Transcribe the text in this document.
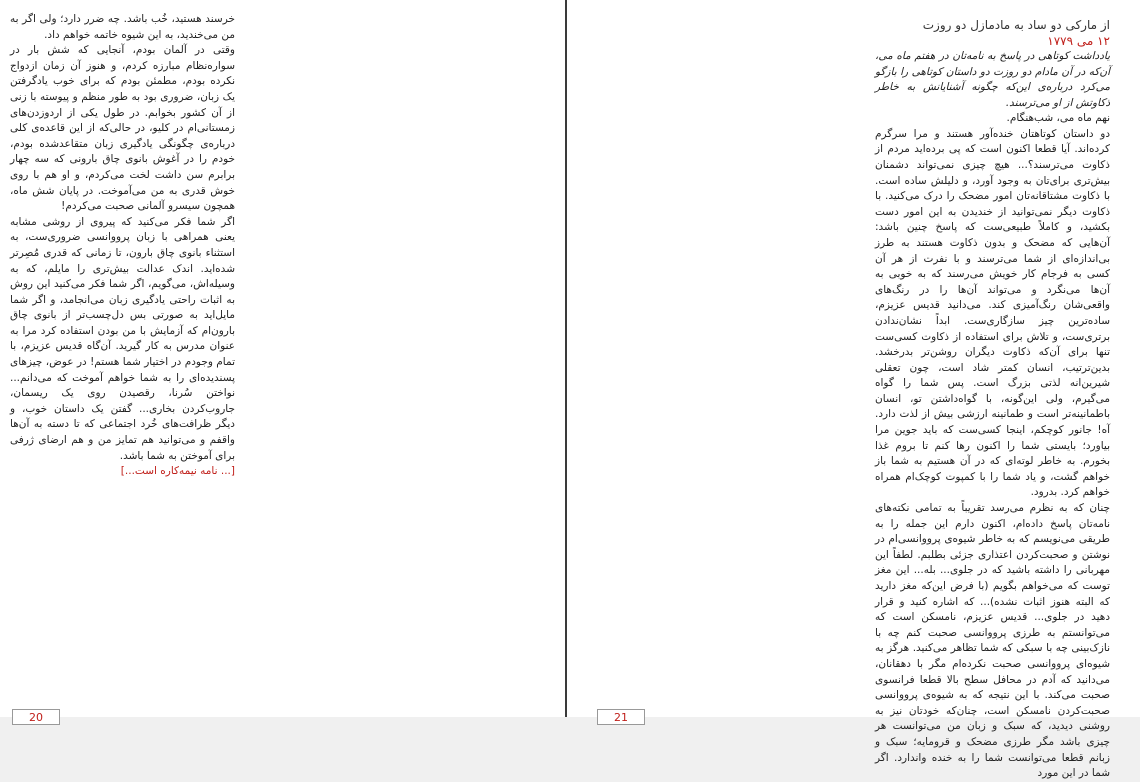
خرسند هستید، خُب باشد. چه ضرر دارد؛ ولی اگر به من می‌خندید، به این شیوه خاتمه خواهم داد.

وقتی در آلمان بودم، آنجایی که شش بار در سواره‌نظام مبارزه کردم، و هنوز آن زمان ازدواج نکرده بودم، مطمئن بودم که برای خوب یادگرفتن یک زبان، ضروری بود به طور منظم و پیوسته با زنی از آن کشور بخوابم. در طول یکی از اردوزدن‌های زمستانی‌ام در کلیو، در حالی‌که از این قاعده‌ی کلی درباره‌ی چگونگی یادگیری زبان متقاعدشده بودم، خودم را در آغوش بانوی چاق بارونی که سه چهار برابرم سن داشت لخت می‌کردم، و او هم با روی خوش قدری به من می‌آموخت. در پایان شش ماه، همچون سیسرو آلمانی صحبت می‌کردم!

اگر شما فکر می‌کنید که پیروی از روشی مشابه یعنی همراهی با زبان پرووانسی ضروری‌ست، به استثناء بانوی چاق بارون، تا زمانی که قدری مُصِرتر شده‌اید. اندک عدالت بیش‌تری را مایلم، که به وسیله‌اش، می‌گویم، اگر شما فکر می‌کنید این روش به اثبات راحتی یادگیری زبان می‌انجامد، و اگر شما مایل‌اید به صورتی بس دل‌چسب‌تر از بانوی چاق بارون‌ام که آزمایش با من بودن استفاده کرد مرا به عنوان مدرس به کار گیرید. آن‌گاه قدیس عزیزم، با تمام وجودم در اختیار شما هستم! در عوض، چیزهای پسندیده‌ای را به شما خواهم آموخت که می‌دانم... نواختن سُرنا، رقصیدن روی یک ریسمان، جاروب‌کردن بخاری... گفتن یک داستان خوب، و دیگر ظرافت‌های خُرد اجتماعی که تا دسته به آن‌ها واقفم و می‌توانید هم تمایز من و هم ارضای ژرفی برای آموختن به شما باشد.

[... نامه نیمه‌کاره است...]

20

از مارکی دو ساد به مادمازل دو روزت

۱۲ می ۱۷۷۹

یادداشت کوتاهی در پاسخ به نامه‌تان در هفتم ماه می، آن‌که در آن مادام دو روزت دو داستان کوتاهی را بازگو می‌کرد درباره‌ی این‌که چگونه آشنایانش به خاطر ذکاوتش از او می‌ترسند.

نهم ماه می، شب‌هنگام.

دو داستان کوتاهتان خنده‌آور هستند و مرا سرگرم کرده‌اند. آیا قطعا اکنون است که پی برده‌اید مردم از ذکاوت می‌ترسند؟... هیچ چیزی نمی‌تواند دشمنان بیش‌تری برای‌تان به وجود آورد، و دلیلش ساده است. با ذکاوت مشتاقانه‌تان امور مضحک را درک می‌کنید. با ذکاوت دیگر نمی‌توانید از خندیدن به این امور دست بکشید، و کاملاً طبیعی‌ست که پاسخ چنین باشد: آن‌هایی که مضحک و بدون ذکاوت هستند به طرز بی‌اندازه‌ای از شما می‌ترسند و با نفرت از هر آن کسی به فرجام کار خویش می‌رسند که به خوبی به آن‌ها می‌نگرد و می‌تواند آن‌ها را در رنگ‌های واقعی‌شان رنگ‌آمیزی کند. می‌دانید قدیس عزیزم، ساده‌ترین چیز سازگاری‌ست. ابداً نشان‌ندادن برتری‌ست، و تلاش برای استفاده از ذکاوت کسی‌ست تنها برای آن‌که ذکاوت دیگران روشن‌تر بدرخشد. بدین‌ترتیب، انسان کمتر شاد است، چون تعقلی شیرین‌انه لذتی بزرگ است. پس شما را گواه می‌گیرم، ولی این‌گونه، با گواه‌داشتن تو، انسان باطمانینه‌تر است و طمانینه ارزشی بیش از لذت دارد. آه! جانور کوچکم، اینجا کسی‌ست که باید جوین مرا بیاورد؛ بایستی شما را اکنون رها کنم تا بروم غذا بخورم. به خاطر لوته‌ای که در آن هستیم به شما باز خواهم گشت، و یاد شما را با کمپوت کوچک‌ام همراه خواهم کرد. بدرود.

چنان که به نظرم می‌رسد تقریباً به تمامی نکته‌های نامه‌تان پاسخ داده‌ام، اکنون دارم این جمله را به طریقی می‌نویسم که به خاطر شیوه‌ی پرووانسی‌ام در نوشتن و صحبت‌کردن اعتذاری جزئی بطلبم. لطفاً این مهربانی را داشته باشید که در جلوی... بله... این مغز توست که می‌خواهم بگویم (با فرض این‌که مغز دارید که البته هنوز اثبات نشده)... که اشاره کنید و قرار دهید در جلوی... قدیس عزیزم، نامسکن است که می‌توانستم به طرزی پرووانسی صحبت کنم چه با نازک‌بینی چه با سبکی که شما تظاهر می‌کنید. هرگز به شیوه‌ای پرووانسی صحبت نکرده‌ام مگر با دهقانان، می‌دانید که آدم در محافل سطح بالا قطعا فرانسوی صحبت می‌کند. با این نتیجه که به شیوه‌ی پرووانسی صحبت‌کردن نامسکن است، چنان‌که خودتان نیز به روشنی دیدید، که سبک و زبان من می‌توانست هر چیزی باشد مگر طرزی مضحک و قرومایه؛ سبک و زبانم قطعا می‌توانست شما را به خنده واندارد. اگر شما در این مورد

21
